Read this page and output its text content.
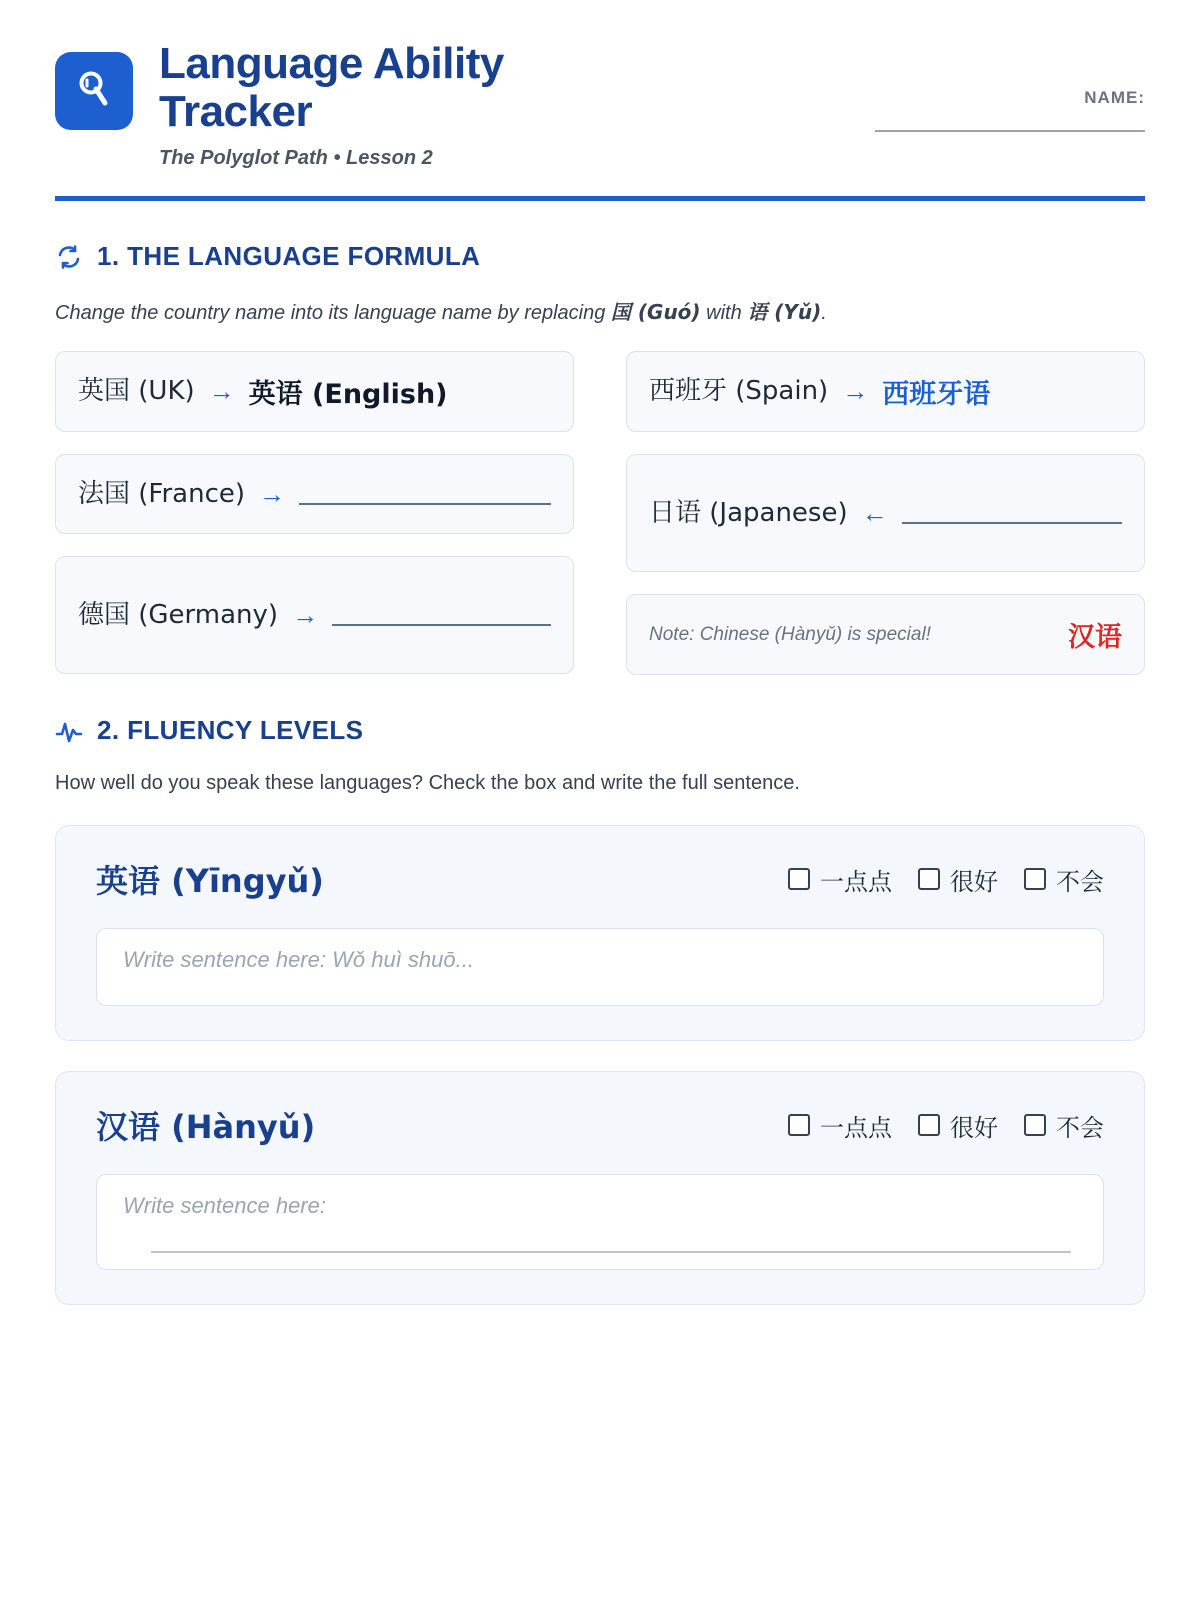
Language Ability Tracker
The Polyglot Path • Lesson 2
NAME:
1. THE LANGUAGE FORMULA
Change the country name into its language name by replacing 国 (Guó) with 语 (Yǔ).
英国 (UK) → 英语 (English)
法国 (France) →
德国 (Germany) →
西班牙 (Spain) → 西班牙语
日语 (Japanese) ←
Note: Chinese (Hànyǔ) is special!	汉语
2. FLUENCY LEVELS
How well do you speak these languages? Check the box and write the full sentence.
英语 (Yīngyǔ)	一点点 很好 不会
Write sentence here: Wǒ huì shuō...
汉语 (Hànyǔ)	一点点 很好 不会
Write sentence here:
